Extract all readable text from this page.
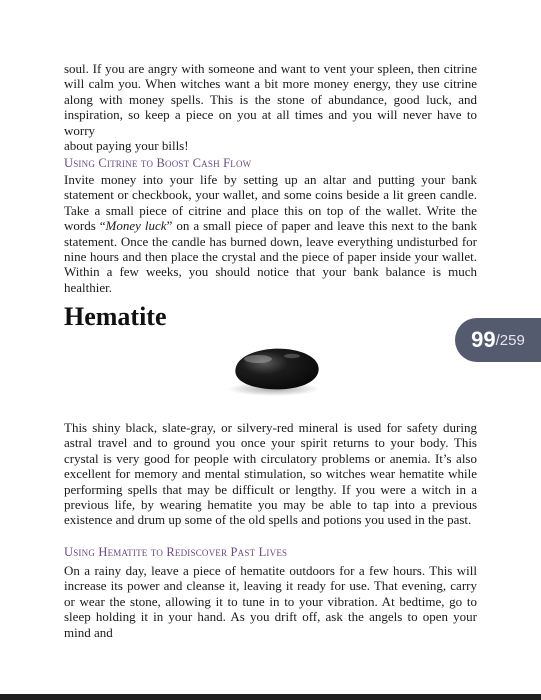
soul. If you are angry with someone and want to vent your spleen, then citrine
will calm you. When witches want a bit more money energy, they use citrine
along with money spells. This is the stone of abundance, good luck, and
inspiration, so keep a piece on you at all times and you will never have to worry
about paying your bills!

Using Citrine to Boost Cash Flow

Invite money into your life by setting up an altar and putting your bank statement or checkbook, your wallet, and some coins beside a lit green candle. Take a small piece of citrine and place this on top of the wallet. Write the words “Money luck” on a small piece of paper and leave this next to the bank statement. Once the candle has burned down, leave everything undisturbed for nine hours and then place the crystal and the piece of paper inside your wallet. Within a few weeks, you should notice that your bank balance is much healthier.

Hematite
99 /259

This shiny black, slate-gray, or silvery-red mineral is used for safety during astral travel and to ground you once your spirit returns to your body. This crystal is very good for people with circulatory problems or anemia. It’s also excellent for memory and mental stimulation, so witches wear hematite while performing spells that may be difficult or lengthy. If you were a witch in a previous life, by wearing hematite you may be able to tap into a previous existence and drum up some of the old spells and potions you used in the past.

Using Hematite to Rediscover Past Lives

On a rainy day, leave a piece of hematite outdoors for a few hours. This will increase its power and cleanse it, leaving it ready for use. That evening, carry or wear the stone, allowing it to tune in to your vibration. At bedtime, go to sleep holding it in your hand. As you drift off, ask the angels to open your mind and
